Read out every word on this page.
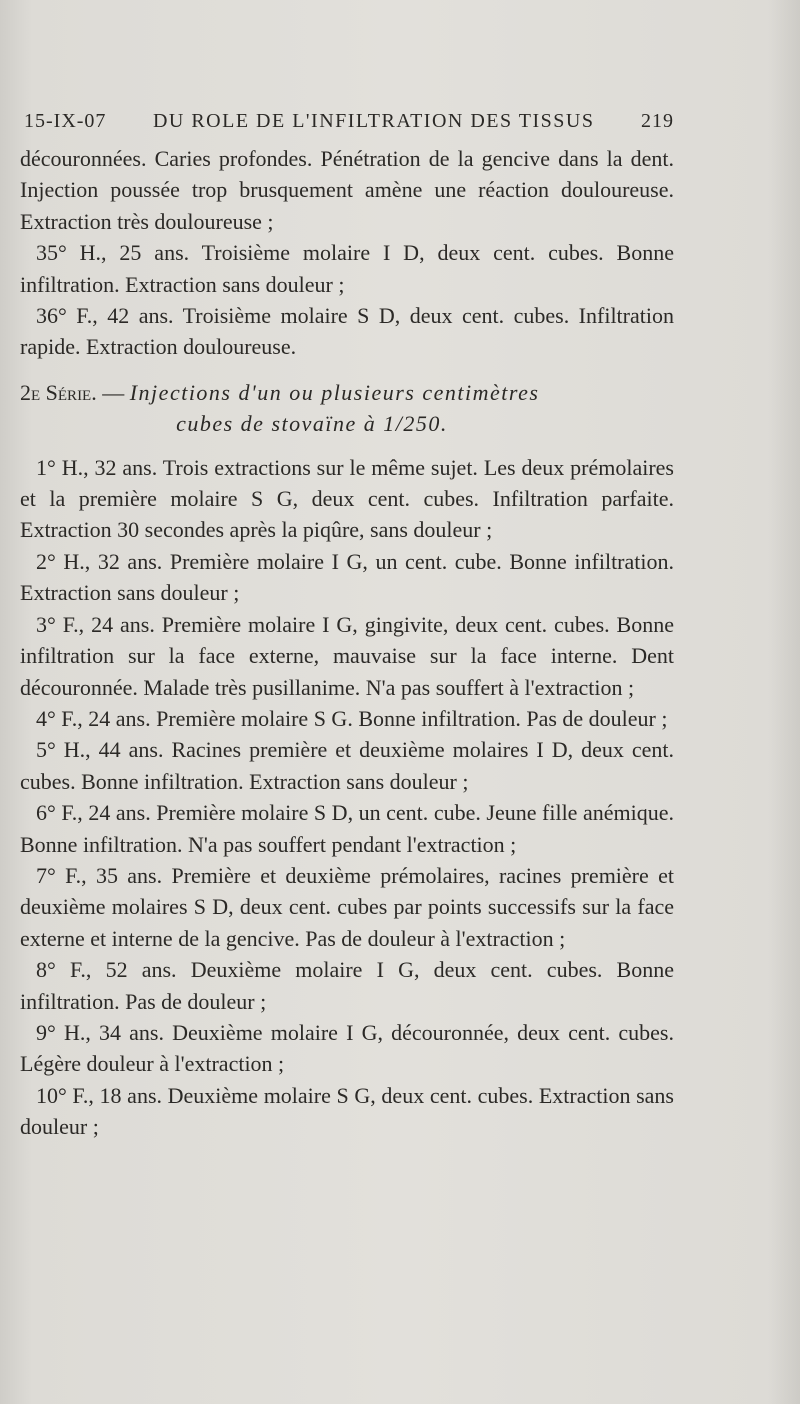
15-IX-07 DU ROLE DE L'INFILTRATION DES TISSUS 219

découronnées. Caries profondes. Pénétration de la gencive dans la dent. Injection poussée trop brusquement amène une réaction douloureuse. Extraction très douloureuse ;

35° H., 25 ans. Troisième molaire I D, deux cent. cubes. Bonne infiltration. Extraction sans douleur ;

36° F., 42 ans. Troisième molaire S D, deux cent. cubes. Infiltration rapide. Extraction douloureuse.

2e Série. — Injections d'un ou plusieurs centimètres
cubes de stovaïne à 1/250.

1° H., 32 ans. Trois extractions sur le même sujet. Les deux prémolaires et la première molaire S G, deux cent. cubes. Infiltration parfaite. Extraction 30 secondes après la piqûre, sans douleur ;

2° H., 32 ans. Première molaire I G, un cent. cube. Bonne infiltration. Extraction sans douleur ;

3° F., 24 ans. Première molaire I G, gingivite, deux cent. cubes. Bonne infiltration sur la face externe, mauvaise sur la face interne. Dent découronnée. Malade très pusillanime. N'a pas souffert à l'extraction ;

4° F., 24 ans. Première molaire S G. Bonne infiltration. Pas de douleur ;

5° H., 44 ans. Racines première et deuxième molaires I D, deux cent. cubes. Bonne infiltration. Extraction sans douleur ;

6° F., 24 ans. Première molaire S D, un cent. cube. Jeune fille anémique. Bonne infiltration. N'a pas souffert pendant l'extraction ;

7° F., 35 ans. Première et deuxième prémolaires, racines première et deuxième molaires S D, deux cent. cubes par points successifs sur la face externe et interne de la gencive. Pas de douleur à l'extraction ;

8° F., 52 ans. Deuxième molaire I G, deux cent. cubes. Bonne infiltration. Pas de douleur ;

9° H., 34 ans. Deuxième molaire I G, découronnée, deux cent. cubes. Légère douleur à l'extraction ;

10° F., 18 ans. Deuxième molaire S G, deux cent. cubes. Extraction sans douleur ;
